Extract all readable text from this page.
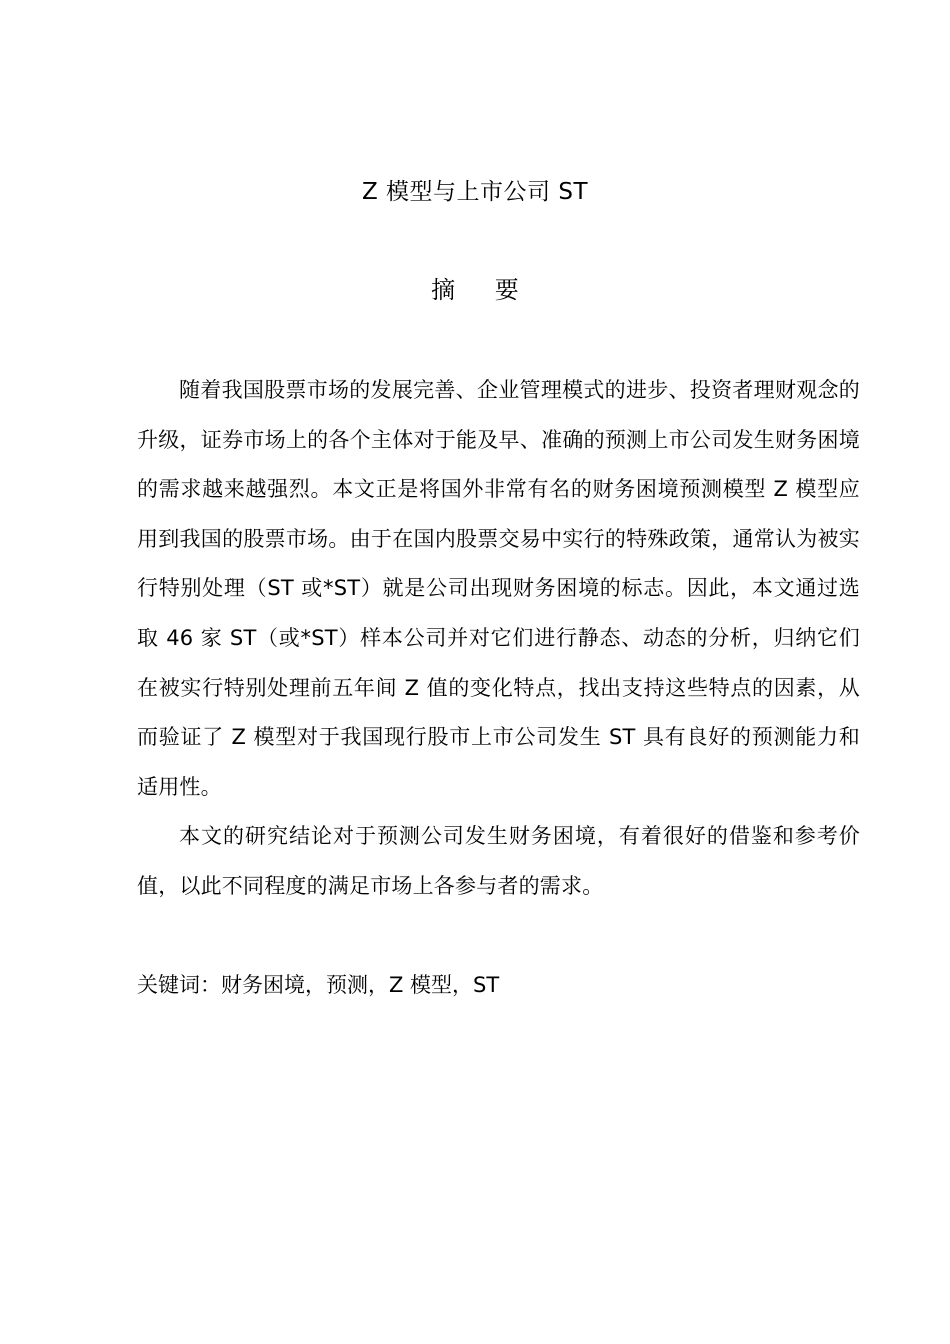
Z 模型与上市公司 ST
摘 要

随着我国股票市场的发展完善、企业管理模式的进步、投资者理财观念的升级，证券市场上的各个主体对于能及早、准确的预测上市公司发生财务困境的需求越来越强烈。本文正是将国外非常有名的财务困境预测模型 Z 模型应用到我国的股票市场。由于在国内股票交易中实行的特殊政策，通常认为被实行特别处理（ST 或*ST）就是公司出现财务困境的标志。因此，本文通过选取 46 家 ST（或*ST）样本公司并对它们进行静态、动态的分析，归纳它们在被实行特别处理前五年间 Z 值的变化特点，找出支持这些特点的因素，从而验证了 Z 模型对于我国现行股市上市公司发生 ST 具有良好的预测能力和适用性。

本文的研究结论对于预测公司发生财务困境，有着很好的借鉴和参考价值，以此不同程度的满足市场上各参与者的需求。

关键词：财务困境，预测，Z 模型，ST
